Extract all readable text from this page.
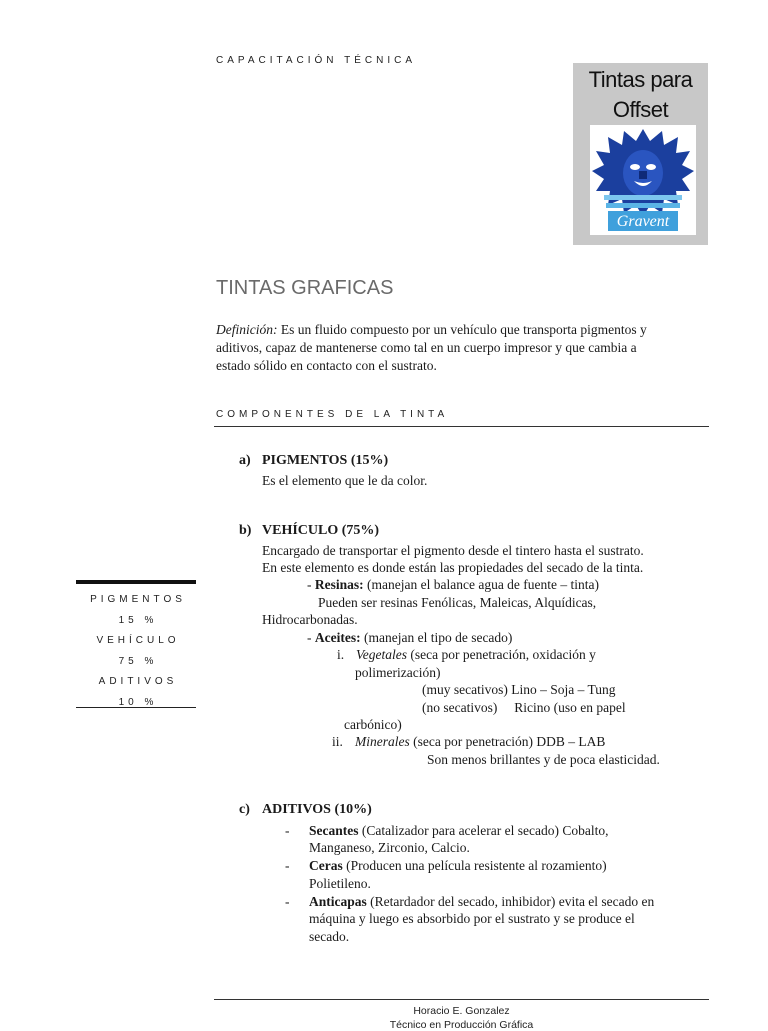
CAPACITACIÓN TÉCNICA
Tintas para
Offset
Gravent
TINTAS GRAFICAS
Definición: Es un fluido compuesto por un vehículo que transporta pigmentos y
aditivos, capaz de mantenerse como tal en un cuerpo impresor y que cambia a
estado sólido en contacto con el sustrato.
COMPONENTES DE LA TINTA
a) PIGMENTOS (15%)
Es el elemento que le da color.
b) VEHÍCULO (75%)
Encargado de transportar el pigmento desde el tintero hasta el sustrato.
En este elemento es donde están las propiedades del secado de la tinta.
- Resinas: (manejan el balance agua de fuente – tinta)
Pueden ser resinas Fenólicas, Maleicas, Alquídicas,
Hidrocarbonadas.
- Aceites: (manejan el tipo de secado)
i. Vegetales (seca por penetración, oxidación y
polimerización)
(muy secativos) Lino – Soja – Tung
(no secativos)     Ricino (uso en papel
carbónico)
ii. Minerales (seca por penetración) DDB – LAB
Son menos brillantes y de poca elasticidad.
c) ADITIVOS (10%)
- Secantes (Catalizador para acelerar el secado) Cobalto,
Manganeso, Zirconio, Calcio.
- Ceras (Producen una película resistente al rozamiento)
Polietileno.
- Anticapas (Retardador del secado, inhibidor) evita el secado en
máquina y luego es absorbido por el sustrato y se produce el
secado.
PIGMENTOS
15 %
VEHÍCULO
75 %
ADITIVOS
10 %
Horacio E. Gonzalez
Técnico en Producción Gráfica
